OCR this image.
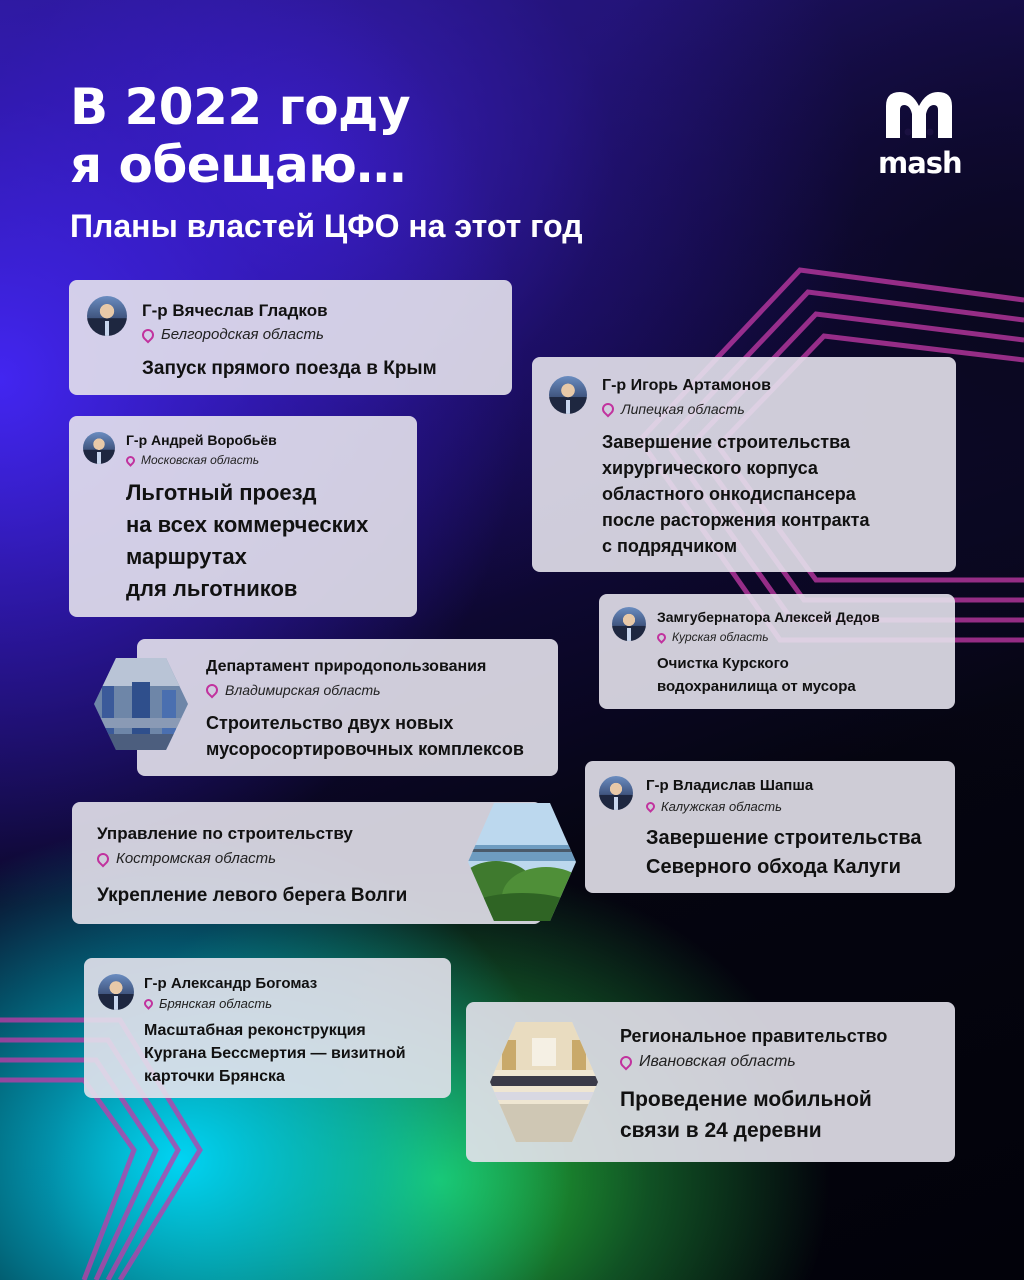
В 2022 году
я обещаю…
Планы властей ЦФО на этот год
mash
Г-р Вячеслав Гладков
Белгородская область
Запуск прямого поезда в Крым
Г-р Андрей Воробьёв
Московская область
Льготный проезд
на всех коммерческих
маршрутах
для льготников
Г-р Игорь Артамонов
Липецкая область
Завершение строительства
хирургического корпуса
областного онкодиспансера
после расторжения контракта
с подрядчиком
Замгубернатора Алексей Дедов
Курская область
Очистка Курского
водохранилища от мусора
Департамент природопользования
Владимирская область
Строительство двух новых
мусоросортировочных комплексов
Г-р Владислав Шапша
Калужская область
Завершение строительства
Северного обхода Калуги
Управление по строительству
Костромская область
Укрепление левого берега Волги
Г-р Александр Богомаз
Брянская область
Масштабная реконструкция
Кургана Бессмертия — визитной
карточки Брянска
Региональное правительство
Ивановская область
Проведение мобильной
связи в 24 деревни
